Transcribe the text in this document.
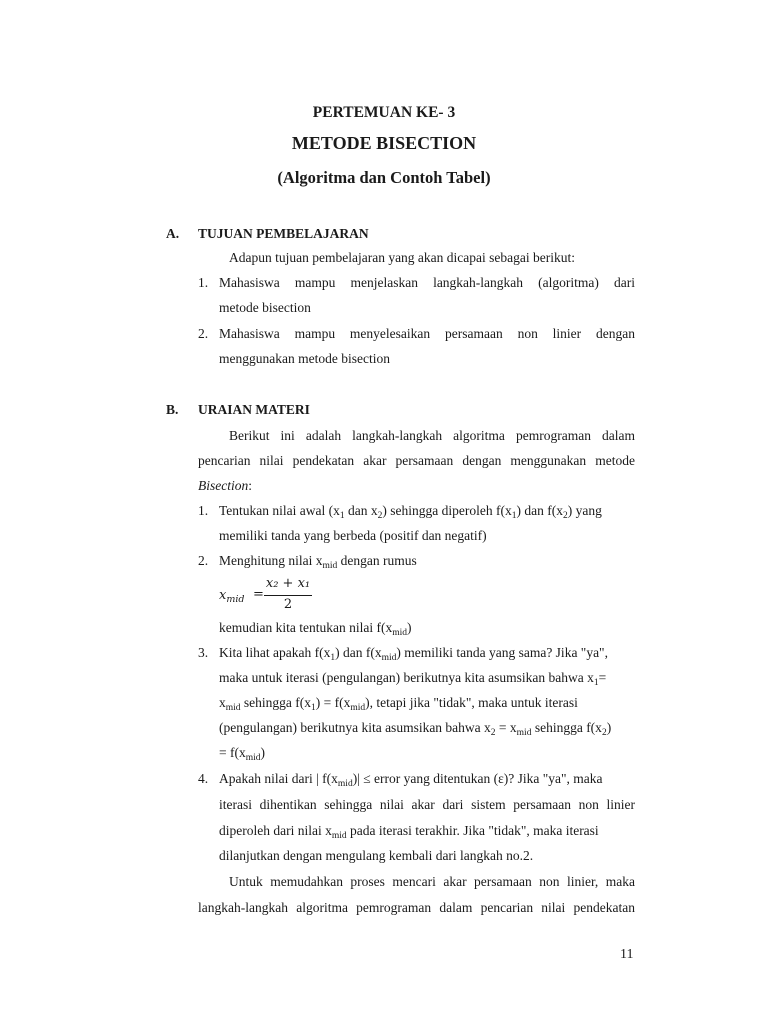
PERTEMUAN KE- 3
METODE BISECTION
(Algoritma dan Contoh Tabel)
A. TUJUAN PEMBELAJARAN
Adapun tujuan pembelajaran yang akan dicapai sebagai berikut:
1. Mahasiswa mampu menjelaskan langkah-langkah (algoritma) dari
metode bisection
2. Mahasiswa mampu menyelesaikan persamaan non linier dengan
menggunakan metode bisection
B. URAIAN MATERI
Berikut ini adalah langkah-langkah algoritma pemrograman dalam
pencarian nilai pendekatan akar persamaan dengan menggunakan metode
Bisection:
1. Tentukan nilai awal ($x_1$ dan $x_2$) sehingga diperoleh $f(x_1)$ dan $f(x_2)$ yang
memiliki tanda yang berbeda (positif dan negatif)
2. Menghitung nilai $x_{mid}$ dengan rumus
$x_{mid}$ =
x₂ + x₁
2
kemudian kita tentukan nilai $f(x_{mid})$
3. Kita lihat apakah $f(x_1)$ dan $f(x_{mid})$ memiliki tanda yang sama? Jika "ya",
maka untuk iterasi (pengulangan) berikutnya kita asumsikan bahwa $x_1=$
$x_{mid}$ sehingga $f(x_1) = f(x_{mid})$, tetapi jika "tidak", maka untuk iterasi
(pengulangan) berikutnya kita asumsikan bahwa $x_2 = x_{mid}$ sehingga $f(x_2)$
= $f(x_{mid})$
4. Apakah nilai dari | $f(x_{mid})|$ ≤ error yang ditentukan (ε)? Jika "ya", maka
iterasi dihentikan sehingga nilai akar dari sistem persamaan non linier
diperoleh dari nilai $x_{mid}$ pada iterasi terakhir. Jika "tidak", maka iterasi
dilanjutkan dengan mengulang kembali dari langkah no.2.
Untuk memudahkan proses mencari akar persamaan non linier, maka
langkah-langkah algoritma pemrograman dalam pencarian nilai pendekatan
11
